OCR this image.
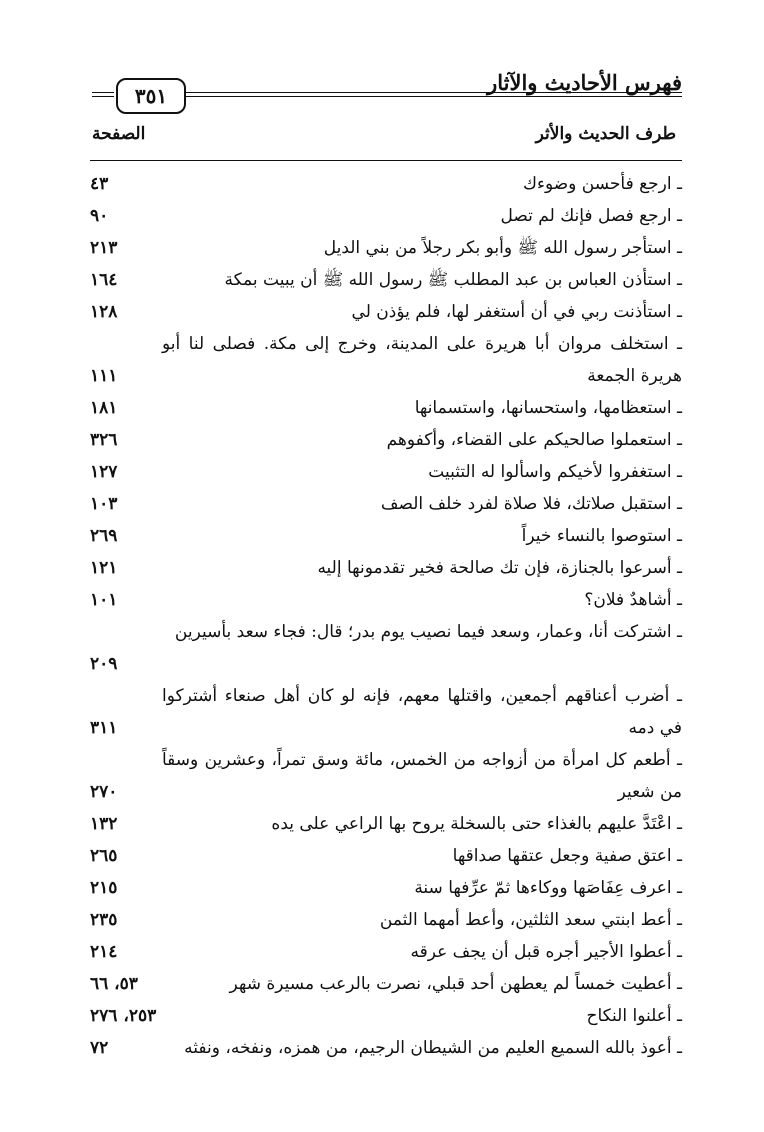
٣٥١
فهرس الأحاديث والآثار
طرف الحديث والأثر
الصفحة
ـ ارجع فأحسن وضوءك
٤٣
ـ ارجع فصل فإنك لم تصل
٩٠
ـ استأجر رسول الله ﷺ وأبو بكر رجلاً من بني الديل
٢١٣
ـ استأذن العباس بن عبد المطلب ﷺ رسول الله ﷺ أن يبيت بمكة
١٦٤
ـ استأذنت ربي في أن أستغفر لها، فلم يؤذن لي
١٢٨
ـ استخلف مروان أبا هريرة على المدينة، وخرج إلى مكة. فصلى لنا أبو هريرة الجمعة
١١١
ـ استعظامها، واستحسانها، واستسمانها
١٨١
ـ استعملوا صالحيكم على القضاء، وأكفوهم
٣٢٦
ـ استغفروا لأخيكم واسألوا له التثبيت
١٢٧
ـ استقبل صلاتك، فلا صلاة لفرد خلف الصف
١٠٣
ـ استوصوا بالنساء خيراً
٢٦٩
ـ أسرعوا بالجنازة، فإن تك صالحة فخير تقدمونها إليه
١٢١
ـ أشاهدٌ فلان؟
١٠١
ـ اشتركت أنا، وعمار، وسعد فيما نصيب يوم بدر؛ قال: فجاء سعد بأسيرين
٢٠٩
ـ أضرب أعناقهم أجمعين، واقتلها معهم، فإنه لو كان أهل صنعاء أشتركوا في دمه
٣١١
ـ أطعم كل امرأة من أزواجه من الخمس، مائة وسق تمراً، وعشرين وسقاً من شعير
٢٧٠
ـ اعْتَدَّ عليهم بالغذاء حتى بالسخلة يروح بها الراعي على يده
١٣٢
ـ اعتق صفية وجعل عتقها صداقها
٢٦٥
ـ اعرف عِفَاصَها ووكاءها ثمّ عرِّفها سنة
٢١٥
ـ أعط ابنتي سعد الثلثين، وأعط أمهما الثمن
٢٣٥
ـ أعطوا الأجير أجره قبل أن يجف عرقه
٢١٤
ـ أعطيت خمساً لم يعطهن أحد قبلي، نصرت بالرعب مسيرة شهر
٥٣، ٦٦
ـ أعلنوا النكاح
٢٥٣، ٢٧٦
ـ أعوذ بالله السميع العليم من الشيطان الرجيم، من همزه، ونفخه، ونفثه
٧٢
